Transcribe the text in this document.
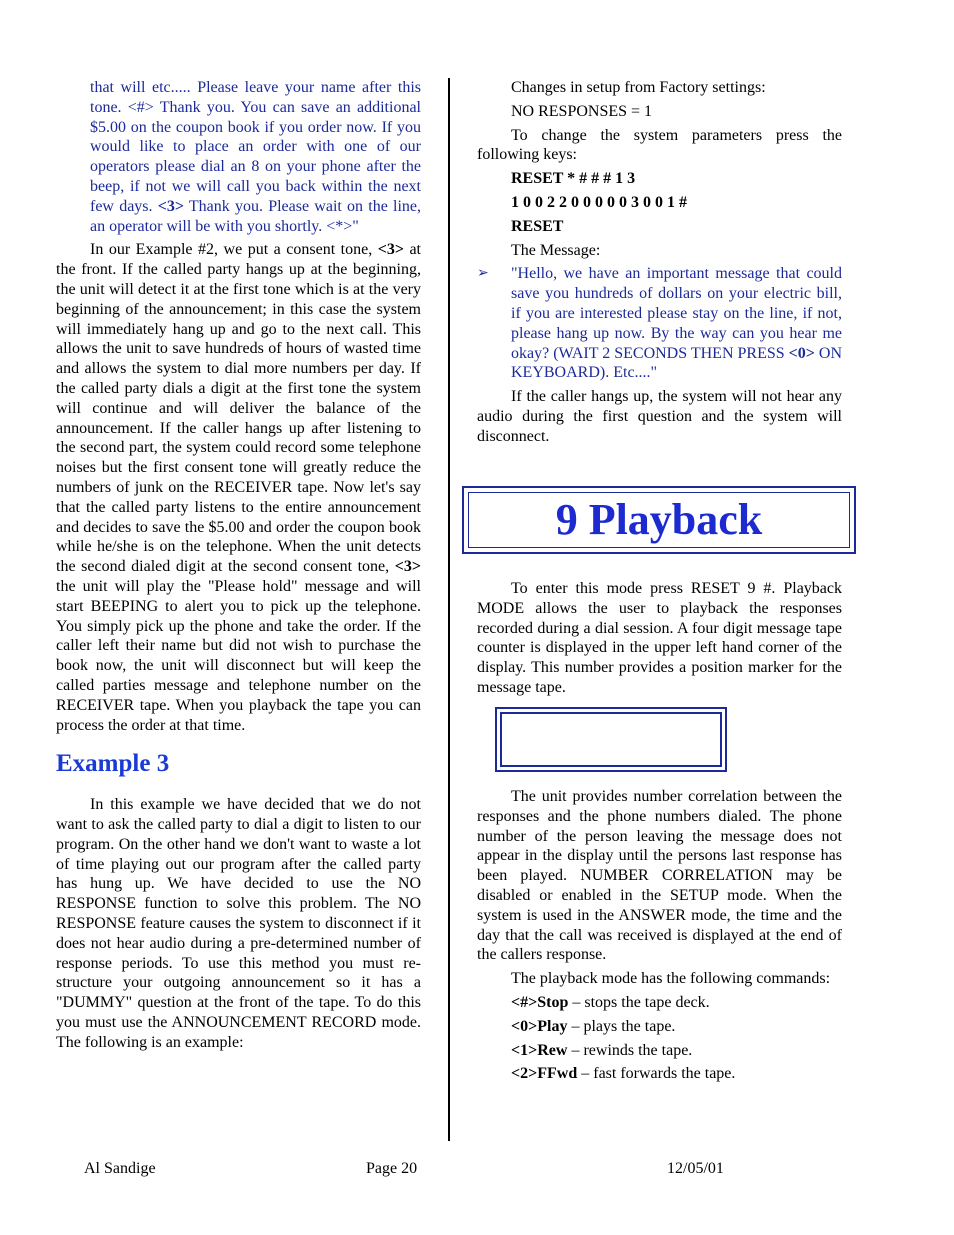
that will etc..... Please leave your name after this tone. <#> Thank you. You can save an additional $5.00 on the coupon book if you order now. If you would like to place an order with one of our operators please dial an 8 on your phone after the beep, if not we will call you back within the next few days. <3> Thank you. Please wait on the line, an operator will be with you shortly. <*>"

In our Example #2, we put a consent tone, <3> at the front. If the called party hangs up at the beginning, the unit will detect it at the first tone which is at the very beginning of the announcement; in this case the system will immediately hang up and go to the next call. This allows the unit to save hundreds of hours of wasted time and allows the system to dial more numbers per day. If the called party dials a digit at the first tone the system will continue and will deliver the balance of the announcement. If the caller hangs up after listening to the second part, the system could record some telephone noises but the first consent tone will greatly reduce the numbers of junk on the RECEIVER tape. Now let's say that the called party listens to the entire announcement and decides to save the $5.00 and order the coupon book while he/she is on the telephone. When the unit detects the second dialed digit at the second consent tone, <3> the unit will play the "Please hold" message and will start BEEPING to alert you to pick up the telephone. You simply pick up the phone and take the order. If the caller left their name but did not wish to purchase the book now, the unit will disconnect but will keep the called parties message and telephone number on the RECEIVER tape. When you playback the tape you can process the order at that time.

Example 3

In this example we have decided that we do not want to ask the called party to dial a digit to listen to our program. On the other hand we don't want to waste a lot of time playing out our program after the called party has hung up. We have decided to use the NO RESPONSE function to solve this problem. The NO RESPONSE feature causes the system to disconnect if it does not hear audio during a pre-determined number of response periods. To use this method you must re-structure your outgoing announcement so it has a "DUMMY" question at the front of the tape. To do this you must use the ANNOUNCEMENT RECORD mode. The following is an example:

Changes in setup from Factory settings:

NO RESPONSES = 1

To change the system parameters press the following keys:

RESET * # # # 1 3

1 0 0 2 2 0 0 0 0 0 3 0 0 1 #

RESET

The Message:

➢	"Hello, we have an important message that could save you hundreds of dollars on your electric bill, if you are interested please stay on the line, if not, please hang up now. By the way can you hear me okay? (WAIT 2 SECONDS THEN PRESS <0> ON KEYBOARD). Etc...."

If the caller hangs up, the system will not hear any audio during the first question and the system will disconnect.

9 Playback

To enter this mode press RESET 9 #. Playback MODE allows the user to playback the responses recorded during a dial session. A four digit message tape counter is displayed in the upper left hand corner of the display. This number provides a position marker for the message tape.

The unit provides number correlation between the responses and the phone numbers dialed. The phone number of the person leaving the message does not appear in the display until the persons last response has been played. NUMBER CORRELATION may be disabled or enabled in the SETUP mode. When the system is used in the ANSWER mode, the time and the day that the call was received is displayed at the end of the callers response.

The playback mode has the following commands:

<#>Stop – stops the tape deck.

<0>Play – plays the tape.

<1>Rew – rewinds the tape.

<2>FFwd – fast forwards the tape.

Al Sandige	Page 20	12/05/01
